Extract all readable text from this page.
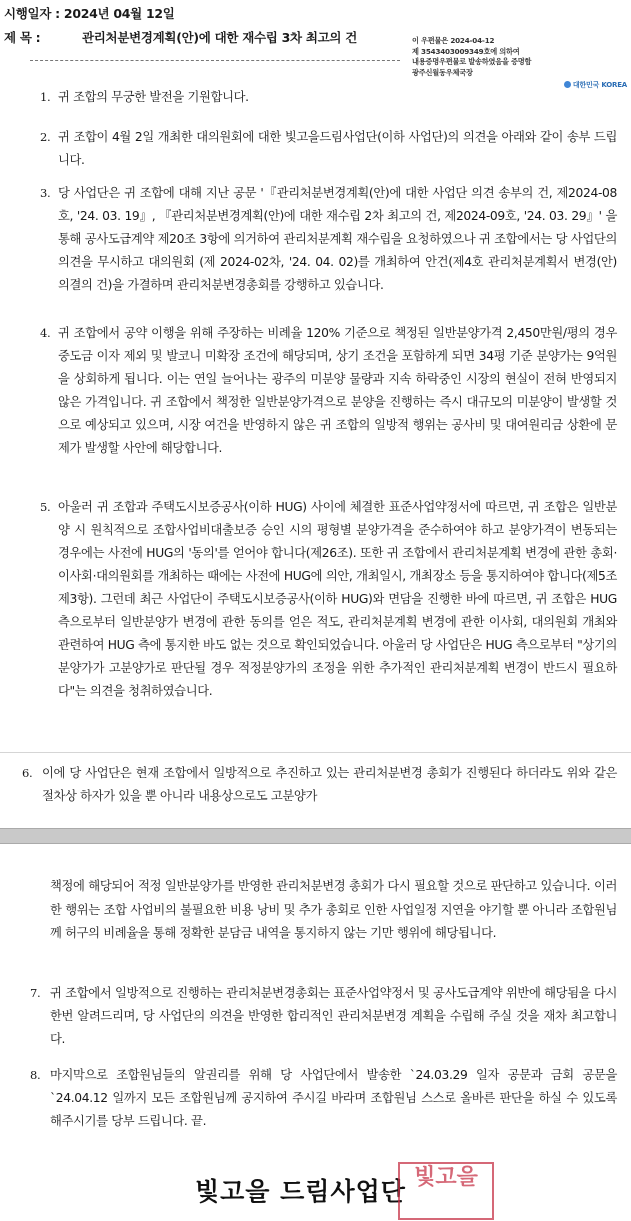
시행일자 : 2024년 04월 12일
제 목 :	관리처분변경계획(안)에 대한 재수립 3차 최고의 건	이 우편물은 2024-04-12
제 3543403009349호에 의하여
내용증명우편물로 발송하였음을 증명함
광주신월동우체국장
대한민국 KOREA
1. 귀 조합의 무궁한 발전을 기원합니다.
2. 귀 조합이 4월 2일 개최한 대의원회에 대한 빛고을드림사업단(이하 사업단)의 의견을 아래와 같이 송부 드립니다.
3. 당 사업단은 귀 조합에 대해 지난 공문 '『관리처분변경계획(안)에 대한 사업단 의견 송부의 건, 제2024-08호, '24. 03. 19』, 『관리처분변경계획(안)에 대한 재수립 2차 최고의 건, 제2024-09호, '24. 03. 29』' 을 통해 공사도급계약 제20조 3항에 의거하여 관리처분계획 재수립을 요청하였으나 귀 조합에서는 당 사업단의 의견을 무시하고 대의원회 (제 2024-02차, '24. 04. 02)를 개최하여 안건(제4호 관리처분계획서 변경(안) 의결의 건)을 가결하며 관리처분변경총회를 강행하고 있습니다.
4. 귀 조합에서 공약 이행을 위해 주장하는 비례율 120% 기준으로 책정된 일반분양가격 2,450만원/평의 경우 중도금 이자 제외 및 발코니 미확장 조건에 해당되며, 상기 조건을 포함하게 되면 34평 기준 분양가는 9억원을 상회하게 됩니다. 이는 연일 늘어나는 광주의 미분양 물량과 지속 하락중인 시장의 현실이 전혀 반영되지 않은 가격입니다. 귀 조합에서 책정한 일반분양가격으로 분양을 진행하는 즉시 대규모의 미분양이 발생할 것으로 예상되고 있으며, 시장 여건을 반영하지 않은 귀 조합의 일방적 행위는 공사비 및 대여원리금 상환에 문제가 발생할 사안에 해당합니다.
5. 아울러 귀 조합과 주택도시보증공사(이하 HUG) 사이에 체결한 표준사업약정서에 따르면, 귀 조합은 일반분양 시 원칙적으로 조합사업비대출보증 승인 시의 평형별 분양가격을 준수하여야 하고 분양가격이 변동되는 경우에는 사전에 HUG의 '동의'를 얻어야 합니다(제26조). 또한 귀 조합에서 관리처분계획 변경에 관한 총회·이사회·대의원회를 개최하는 때에는 사전에 HUG에 의안, 개최일시, 개최장소 등을 통지하여야 합니다(제5조 제3항). 그런데 최근 사업단이 주택도시보증공사(이하 HUG)와 면담을 진행한 바에 따르면, 귀 조합은 HUG 측으로부터 일반분양가 변경에 관한 동의를 얻은 적도, 관리처분계획 변경에 관한 이사회, 대의원회 개최와 관련하여 HUG 측에 통지한 바도 없는 것으로 확인되었습니다. 아울러 당 사업단은 HUG 측으로부터 "상기의 분양가가 고분양가로 판단될 경우 적정분양가의 조정을 위한 추가적인 관리처분계획 변경이 반드시 필요하다"는 의견을 청취하였습니다.
6. 이에 당 사업단은 현재 조합에서 일방적으로 추진하고 있는 관리처분변경 총회가 진행된다 하더라도 위와 같은 절차상 하자가 있을 뿐 아니라 내용상으로도 고분양가
책정에 해당되어 적정 일반분양가를 반영한 관리처분변경 총회가 다시 필요할 것으로 판단하고 있습니다. 이러한 행위는 조합 사업비의 불필요한 비용 낭비 및 추가 총회로 인한 사업일정 지연을 야기할 뿐 아니라 조합원님께 허구의 비례율을 통해 정확한 분담금 내역을 통지하지 않는 기만 행위에 해당됩니다.
7. 귀 조합에서 일방적으로 진행하는 관리처분변경총회는 표준사업약정서 및 공사도급계약 위반에 해당됨을 다시 한번 알려드리며, 당 사업단의 의견을 반영한 합리적인 관리처분변경 계획을 수립해 주실 것을 재차 최고합니다.
8. 마지막으로 조합원님들의 알권리를 위해 당 사업단에서 발송한 `24.03.29 일자 공문과 금회 공문을 `24.04.12 일까지 모든 조합원님께 공지하여 주시길 바라며 조합원님 스스로 올바른 판단을 하실 수 있도록 해주시기를 당부 드립니다. 끝.
빛고을 드림사업단 빛고을
